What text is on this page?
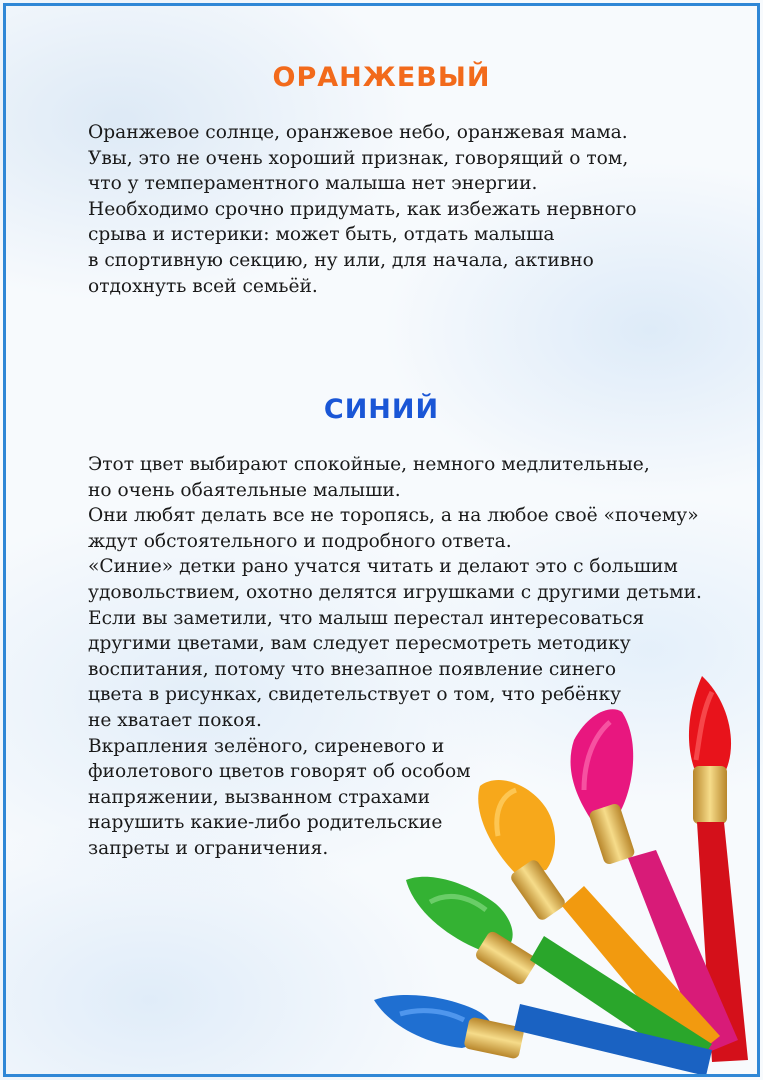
ОРАНЖЕВЫЙ

Оранжевое солнце, оранжевое небо, оранжевая мама.
Увы, это не очень хороший признак, говорящий о том,
что у темпераментного малыша нет энергии.
Необходимо срочно придумать, как избежать нервного
срыва и истерики: может быть, отдать малыша
в спортивную секцию, ну или, для начала, активно
отдохнуть всей семьёй.

СИНИЙ

Этот цвет выбирают спокойные, немного медлительные,
но очень обаятельные малыши.
Они любят делать все не торопясь, а на любое своё «почему»
ждут обстоятельного и подробного ответа.
«Синие» детки рано учатся читать и делают это с большим
удовольствием, охотно делятся игрушками с другими детьми.
Если вы заметили, что малыш перестал интересоваться
другими цветами, вам следует пересмотреть методику
воспитания, потому что внезапное появление синего
цвета в рисунках, свидетельствует о том, что ребёнку
не хватает покоя.
Вкрапления зелёного, сиреневого и
фиолетового цветов говорят об особом
напряжении, вызванном страхами
нарушить какие-либо родительские
запреты и ограничения.
